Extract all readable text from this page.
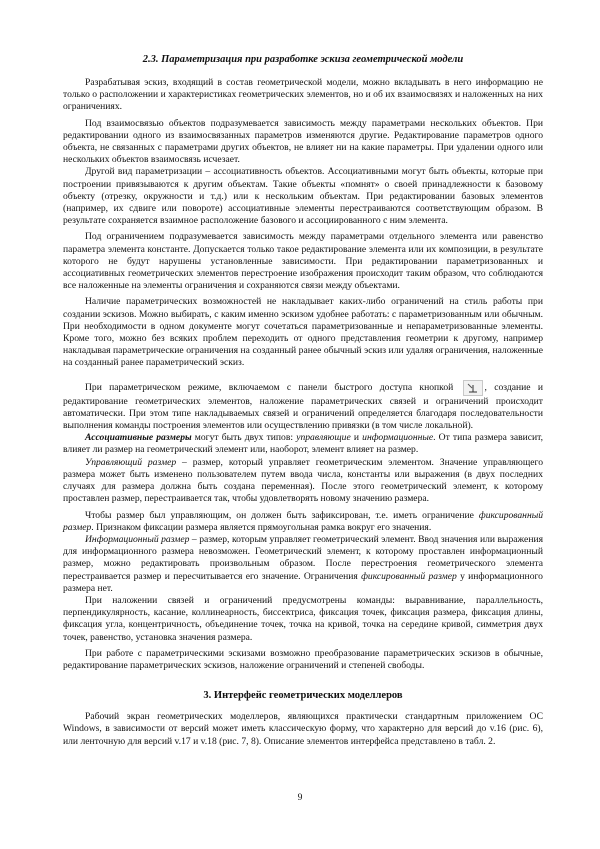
2.3. Параметризация при разработке эскиза геометрической модели

Разрабатывая эскиз, входящий в состав геометрической модели, можно вкладывать в него информацию не только о расположении и характеристиках геометрических элементов, но и об их взаимосвязях и наложенных на них ограничениях.

Под взаимосвязью объектов подразумевается зависимость между параметрами нескольких объектов. При редактировании одного из взаимосвязанных параметров изменяются другие. Редактирование параметров одного объекта, не связанных с параметрами других объектов, не влияет ни на какие параметры. При удалении одного или нескольких объектов взаимосвязь исчезает.

Другой вид параметризации – ассоциативность объектов. Ассоциативными могут быть объекты, которые при построении привязываются к другим объектам. Такие объекты «помнят» о своей принадлежности к базовому объекту (отрезку, окружности и т.д.) или к нескольким объектам. При редактировании базовых элементов (например, их сдвиге или повороте) ассоциативные элементы перестраиваются соответствующим образом. В результате сохраняется взаимное расположение базового и ассоциированного с ним элемента.

Под ограничением подразумевается зависимость между параметрами отдельного элемента или равенство параметра элемента константе. Допускается только такое редактирование элемента или их композиции, в результате которого не будут нарушены установленные зависимости. При редактировании параметризованных и ассоциативных геометрических элементов перестроение изображения происходит таким образом, что соблюдаются все наложенные на элементы ограничения и сохраняются связи между объектами.

Наличие параметрических возможностей не накладывает каких-либо ограничений на стиль работы при создании эскизов. Можно выбирать, с каким именно эскизом удобнее работать: с параметризованным или обычным. При необходимости в одном документе могут сочетаться параметризованные и непараметризованные элементы. Кроме того, можно без всяких проблем переходить от одного представления геометрии к другому, например накладывая параметрические ограничения на созданный ранее обычный эскиз или удаляя ограничения, наложенные на созданный ранее параметрический эскиз.

При параметрическом режиме, включаемом с панели быстрого доступа кнопкой	, создание и редактирование геометрических элементов, наложение параметрических связей и ограничений происходит автоматически. При этом типе накладываемых связей и ограничений определяется благодаря последовательности выполнения команды построения элементов или осуществлению привязки (в том числе локальной).

Ассоциативные размеры могут быть двух типов: управляющие и информационные. От типа размера зависит, влияет ли размер на геометрический элемент или, наоборот, элемент влияет на размер.

Управляющий размер – размер, который управляет геометрическим элементом. Значение управляющего размера может быть изменено пользователем путем ввода числа, константы или выражения (в двух последних случаях для размера должна быть создана переменная). После этого геометрический элемент, к которому проставлен размер, перестраивается так, чтобы удовлетворять новому значению размера.

Чтобы размер был управляющим, он должен быть зафиксирован, т.е. иметь ограничение фиксированный размер. Признаком фиксации размера является прямоугольная рамка вокруг его значения.

Информационный размер – размер, которым управляет геометрический элемент. Ввод значения или выражения для информационного размера невозможен. Геометрический элемент, к которому проставлен информационный размер, можно редактировать произвольным образом. После перестроения геометрического элемента перестраивается размер и пересчитывается его значение. Ограничения фиксированный размер у информационного размера нет.

При наложении связей и ограничений предусмотрены команды: выравнивание, параллельность, перпендикулярность, касание, коллинеарность, биссектриса, фиксация точек, фиксация размера, фиксация длины, фиксация угла, концентричность, объединение точек, точка на кривой, точка на середине кривой, симметрия двух точек, равенство, установка значения размера.

При работе с параметрическими эскизами возможно преобразование параметрических эскизов в обычные, редактирование параметрических эскизов, наложение ограничений и степеней свободы.

3. Интерфейс геометрических моделлеров

Рабочий экран геометрических моделлеров, являющихся практически стандартным приложением ОС Windows, в зависимости от версий может иметь классическую форму, что характерно для версий до v.16 (рис. 6), или ленточную для версий v.17 и v.18 (рис. 7, 8). Описание элементов интерфейса представлено в табл. 2.

9
